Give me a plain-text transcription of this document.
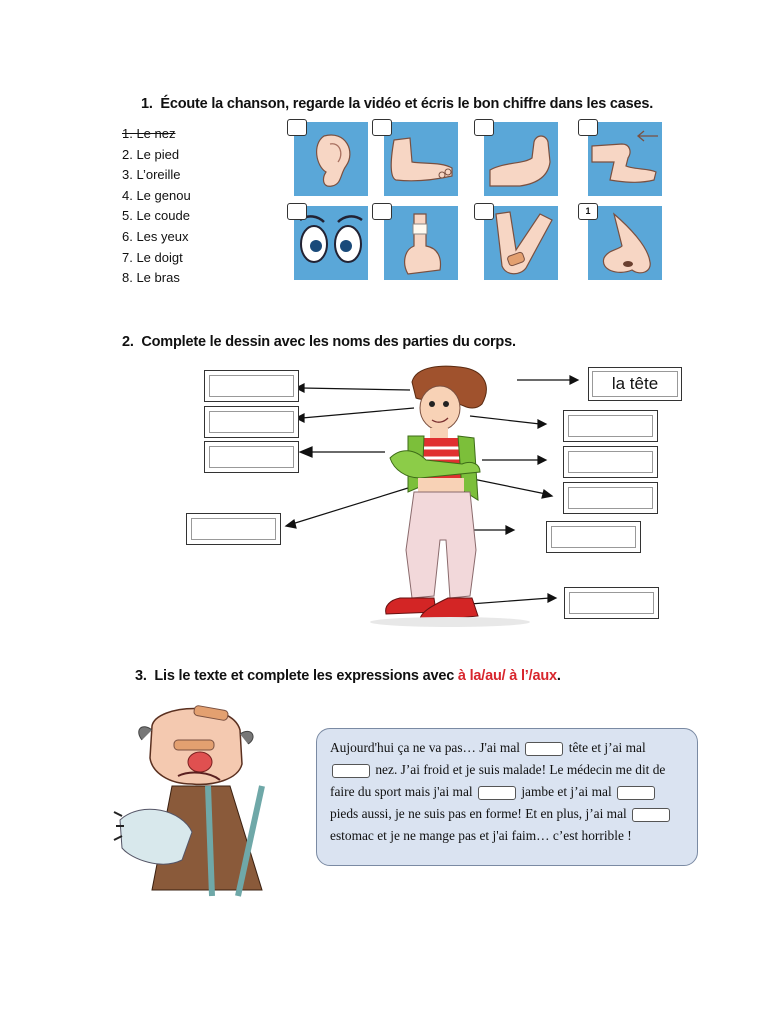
1. Écoute la chanson, regarde la vidéo et écris le bon chiffre dans les cases.
1. Le nez
2. Le pied
3. L’oreille
4. Le genou
5. Le coude
6. Les yeux
7. Le doigt
8. Le bras
1
2. Complete le dessin avec les noms des parties du corps.
la tête
3. Lis le texte et complete les expressions avec à la/au/ à l’/aux.
Aujourd'hui ça ne va pas… J'ai mal	tête et j’ai mal  nez. J’ai froid et je suis malade! Le médecin me dit de faire du sport mais j'ai mal	jambe et j’ai mal  pieds aussi, je ne suis pas en forme! Et en plus, j’ai mal  estomac et je ne mange pas et j'ai faim… c’est horrible !
